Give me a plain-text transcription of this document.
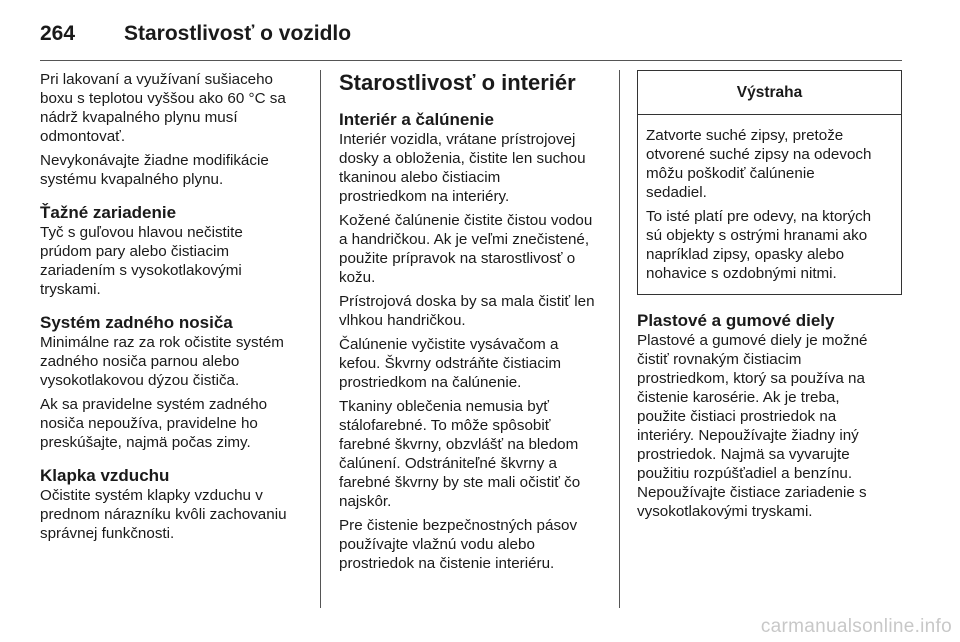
264 Starostlivosť o vozidlo

Pri lakovaní a využívaní sušiaceho
boxu s teplotou vyššou ako 60 °C sa
nádrž kvapalného plynu musí
odmontovať.

Nevykonávajte žiadne modifikácie
systému kvapalného plynu.

Ťažné zariadenie

Tyč s guľovou hlavou nečistite
prúdom pary alebo čistiacim
zariadením s vysokotlakovými
tryskami.

Systém zadného nosiča

Minimálne raz za rok očistite systém
zadného nosiča parnou alebo
vysokotlakovou dýzou čističa.

Ak sa pravidelne systém zadného
nosiča nepoužíva, pravidelne ho
preskúšajte, najmä počas zimy.

Klapka vzduchu

Očistite systém klapky vzduchu v
prednom nárazníku kvôli zachovaniu
správnej funkčnosti.

Starostlivosť o interiér
Interiér a čalúnenie

Interiér vozidla, vrátane prístrojovej
dosky a obloženia, čistite len suchou
tkaninou alebo čistiacim
prostriedkom na interiéry.

Kožené čalúnenie čistite čistou vodou
a handričkou. Ak je veľmi znečistené,
použite prípravok na starostlivosť o
kožu.

Prístrojová doska by sa mala čistiť len
vlhkou handričkou.

Čalúnenie vyčistite vysávačom a
kefou. Škvrny odstráňte čistiacim
prostriedkom na čalúnenie.

Tkaniny oblečenia nemusia byť
stálofarebné. To môže spôsobiť
farebné škvrny, obzvlášť na bledom
čalúnení. Odstrániteľné škvrny a
farebné škvrny by ste mali očistiť čo
najskôr.

Pre čistenie bezpečnostných pásov
používajte vlažnú vodu alebo
prostriedok na čistenie interiéru.

Výstraha

Zatvorte suché zipsy, pretože
otvorené suché zipsy na odevoch
môžu poškodiť čalúnenie
sedadiel.

To isté platí pre odevy, na ktorých
sú objekty s ostrými hranami ako
napríklad zipsy, opasky alebo
nohavice s ozdobnými nitmi.

Plastové a gumové diely

Plastové a gumové diely je možné
čistiť rovnakým čistiacim
prostriedkom, ktorý sa používa na
čistenie karosérie. Ak je treba,
použite čistiaci prostriedok na
interiéry. Nepoužívajte žiadny iný
prostriedok. Najmä sa vyvarujte
použitiu rozpúšťadiel a benzínu.
Nepoužívajte čistiace zariadenie s
vysokotlakovými tryskami.

carmanualsonline.info
